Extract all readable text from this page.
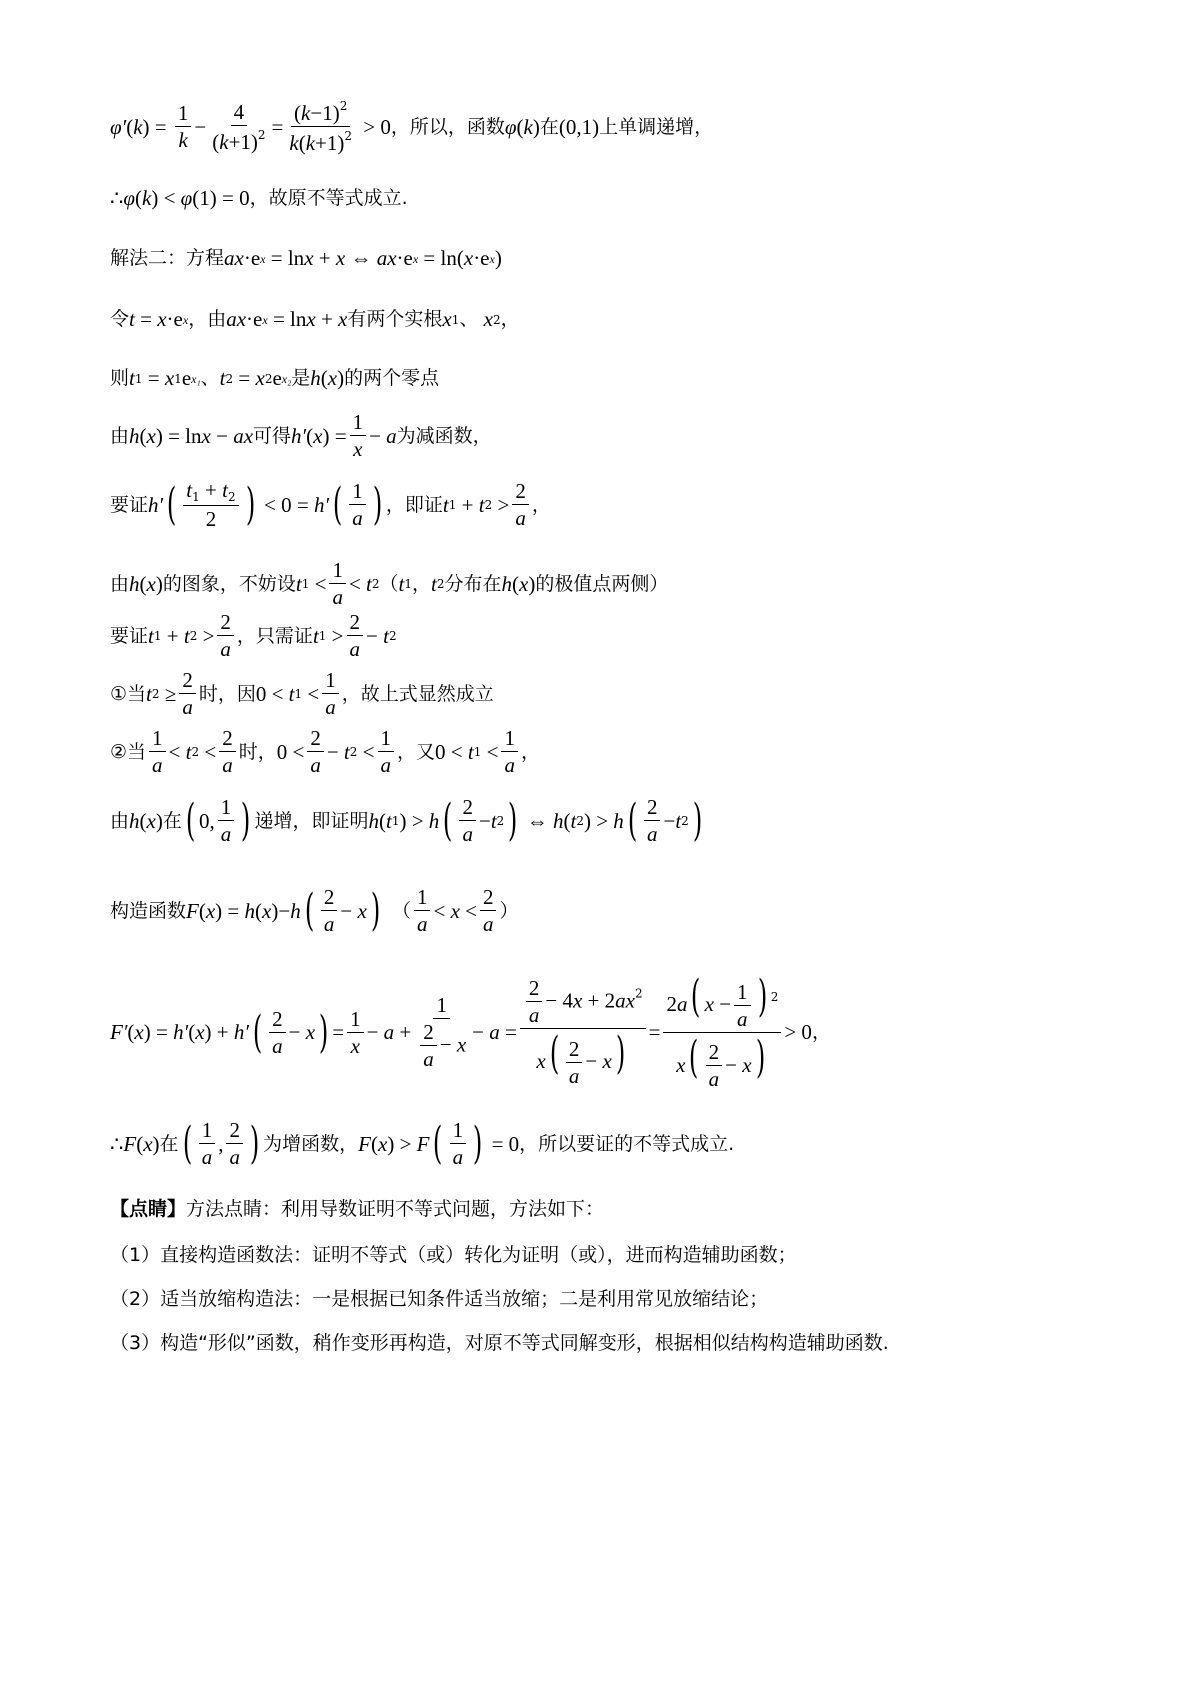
φ′ ( k ) = $\frac{1}{k} - \frac{4}{(k+1)^2} = \frac{(k-1)^2}{k(k+1)^2} > 0$ ，所以，函数 φ ( k ) 在 ( 0,1 ) 上单调递增，
∴ φ ( k ) < φ ( 1 ) = 0 ，故原不等式成立.
解法二：方程 ax ·e x = ln x + x ⇔ ax ·e x = ln ( x ·e x )
令 t = x ·e x ，由 ax ·e x = ln x + x 有两个实根 x 1 、 x 2 ，
则 t 1 = x 1 e x₁ 、 t 2 = x 2 e x₂ 是 h ( x ) 的两个零点
由 h ( x ) = ln x − ax 可得 h′ ( x ) = $\frac{1}{x} - a$ 为减函数，
要证 h′ ( $\frac{t_1 + t_2}{2}$ ) < 0 = h′ ( $\frac{1}{a}$ ) ，即证 t 1 + t $2 > \frac{2}{a}$ ，
由 h ( x ) 的图象，不妨设 t $1 < \frac{1}{a} < t$ 2 （ t 1 ， t 2 分布在 h ( x ) 的极值点两侧）
要证 t 1 + t $2 > \frac{2}{a}$ ，只需证 t $1 > \frac{2}{a} - t$ 2
①当 t $2 \ge \frac{2}{a}$ 时，因 0 < t $1 < \frac{1}{a}$ ，故上式显然成立
②当 $\frac{1}{a} < t$ $2 < \frac{2}{a}$ 时， $0 < \frac{2}{a} - t$ $2 < \frac{1}{a}$ ，又 0 < t $1 < \frac{1}{a}$ ，
由 h ( x ) 在 ( 0, $\frac{1}{a}$ ) 递增，即证明 h ( t 1 ) > h ( $\frac{2}{a} - t$ 2 ) ⇔ h ( t 2 ) > h ( $\frac{2}{a} - t$ 2 )
构造函数 F ( x ) = h ( x ) − h ( $\frac{2}{a} - x$ ) （ $\frac{1}{a} < x < \frac{2}{a}$ ）
F′ ( x ) = h′ ( x ) + h′ ( $\frac{2}{a} - x$ ) = $\frac{1}{x} - a + \frac{1}{\frac{2}{a} - x} - a = \frac{\frac{2}{a} - 4x + 2ax^2}{x( \frac{2}{a} - x)} = \frac{2a( x - \frac{1}{a} ) ^2}{x( \frac{2}{a} - x)} > 0$ ，
∴ F ( x ) 在 ( $\frac{1}{a}$ , $\frac{2}{a}$ ) 为增函数， F ( x ) > F ( $\frac{1}{a}$ ) = 0 ，所以要证的不等式成立.
【点睛】 方法点睛：利用导数证明不等式问题，方法如下：
（1）直接构造函数法：证明不等式（或）转化为证明（或），进而构造辅助函数；
（2）适当放缩构造法：一是根据已知条件适当放缩；二是利用常见放缩结论；
（3）构造“形似”函数，稍作变形再构造，对原不等式同解变形，根据相似结构构造辅助函数.
